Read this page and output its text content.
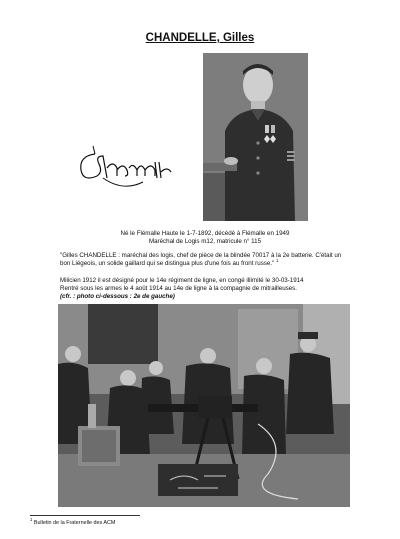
CHANDELLE, Gilles
Né le Flémalle Haute le 1-7-1892, décédé à Flémalle en 1949
Maréchal de Logis m12, matricule n° 115
"Gilles CHANDELLE : maréchal des logis, chef de pièce de la blindée 70017 à la 2e batterie. C'était un bon Liégeois, un solide gaillard qui se distingua plus d'une fois au front russe." $^1$
Milicien 1912 il est désigné pour le 14e régiment de ligne, en congé illimité le 30-03-1914
Rentré sous les armes le 4 août 1914 au 14e de ligne à la compagnie de mitrailleuses.
(cfr. : photo ci-dessous : 2e de gauche)
$^1$ Bulletin de la Fraternelle des ACM
